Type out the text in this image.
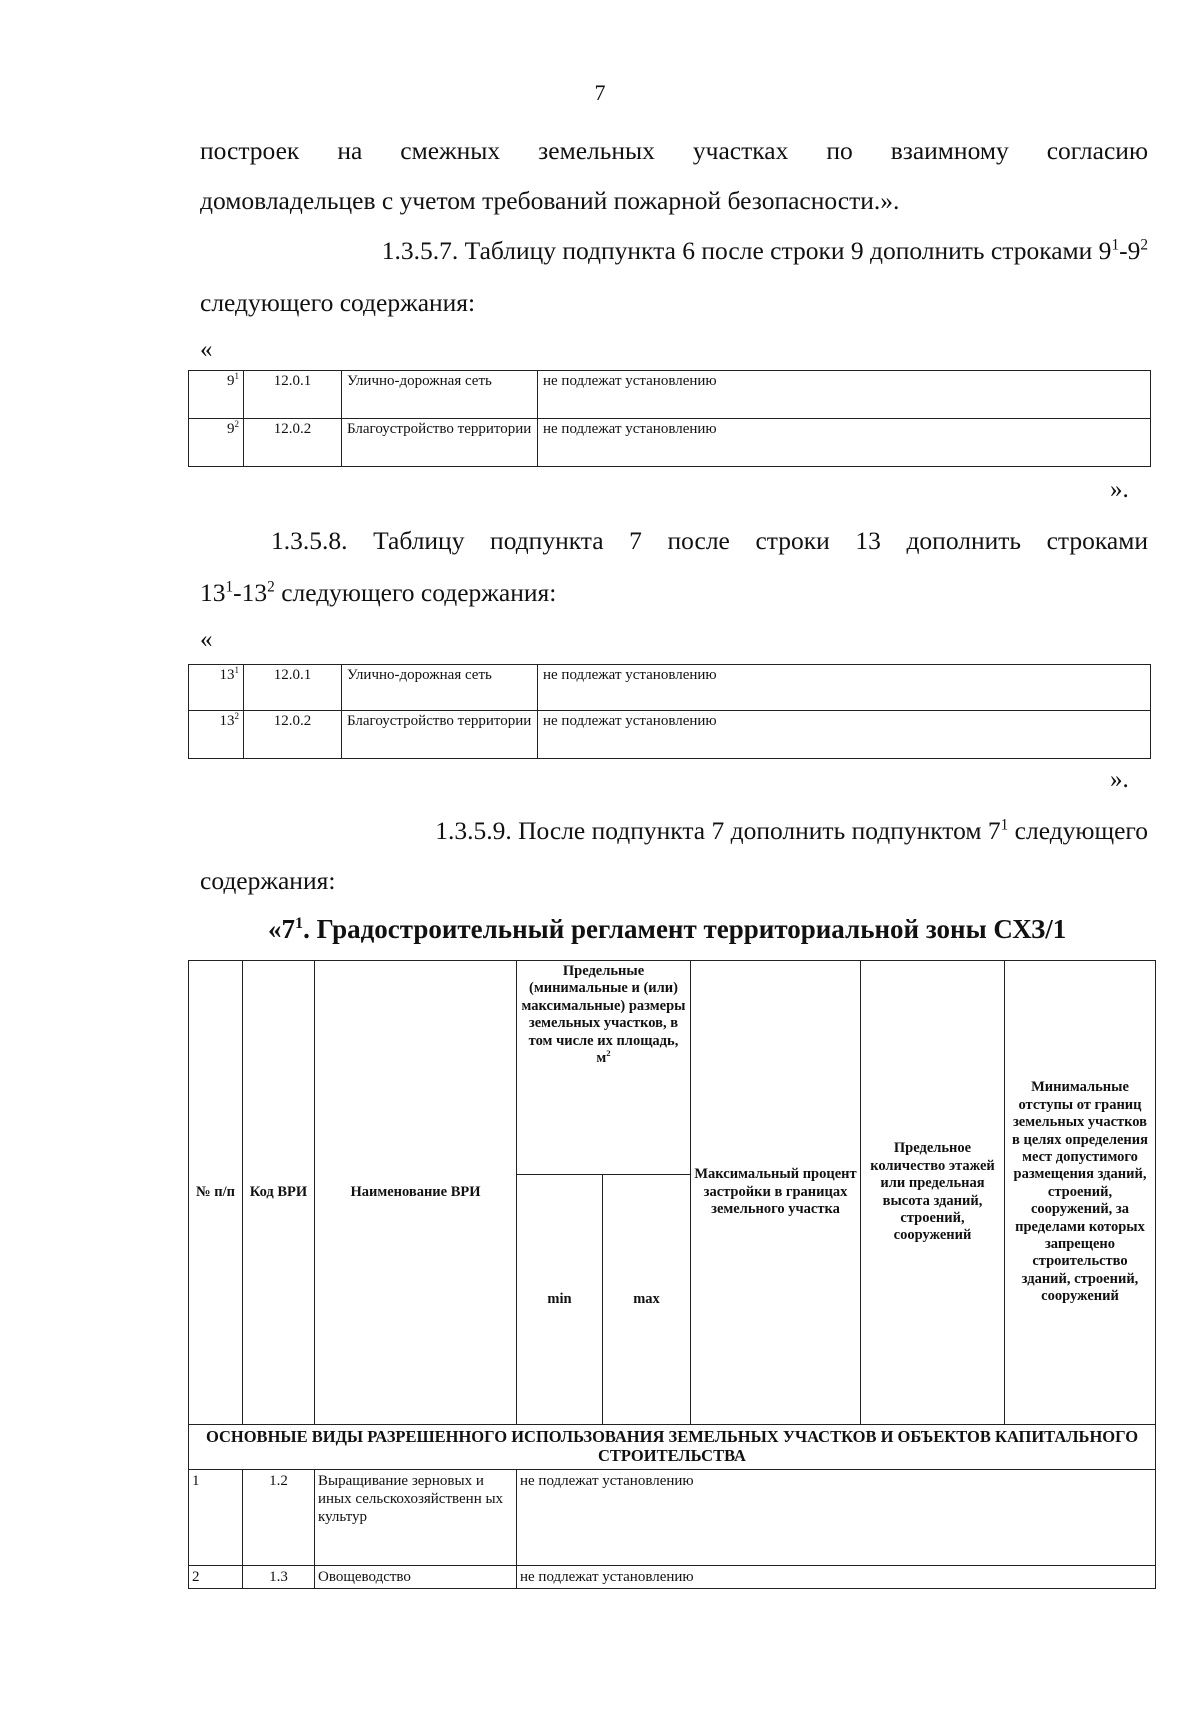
7
построек на смежных земельных участках по взаимному согласию
домовладельцев с учетом требований пожарной безопасности.».
1.3.5.7. Таблицу подпункта 6 после строки 9 дополнить строками $9^1-9^2$
следующего содержания:
«
$9^1$	12.0.1	Улично-дорожная сеть	не подлежат установлению
$9^2$	12.0.2	Благоустройство территории	не подлежат установлению
».
1.3.5.8. Таблицу подпункта 7 после строки 13 дополнить строками
$13^1-13^2$ следующего содержания:
«
$13^1$	12.0.1	Улично-дорожная сеть	не подлежат установлению
$13^2$	12.0.2	Благоустройство территории	не подлежат установлению
».
1.3.5.9. После подпункта 7 дополнить подпунктом $7^1$ следующего
содержания:
«$7^1$. Градостроительный регламент территориальной зоны СХЗ/1
№ п/п	Код ВРИ	Наименование ВРИ	Предельные (минимальные и (или) максимальные) размеры земельных участков, в том числе их площадь, $м^2$		Максимальный процент застройки в границах земельного участка	Предельное количество этажей или предельная высота зданий, строений, сооружений	Минимальные отступы от границ земельных участков в целях определения мест допустимого размещения зданий, строений, сооружений, за пределами которых запрещено строительство зданий, строений, сооружений
			min	max			
ОСНОВНЫЕ ВИДЫ РАЗРЕШЕННОГО ИСПОЛЬЗОВАНИЯ ЗЕМЕЛЬНЫХ УЧАСТКОВ И ОБЪЕКТОВ КАПИТАЛЬНОГО СТРОИТЕЛЬСТВА							
1	1.2	Выращивание зерновых и иных сельскохозяйственн ых культур	не подлежат установлению				
2	1.3	Овощеводство	не подлежат установлению				
